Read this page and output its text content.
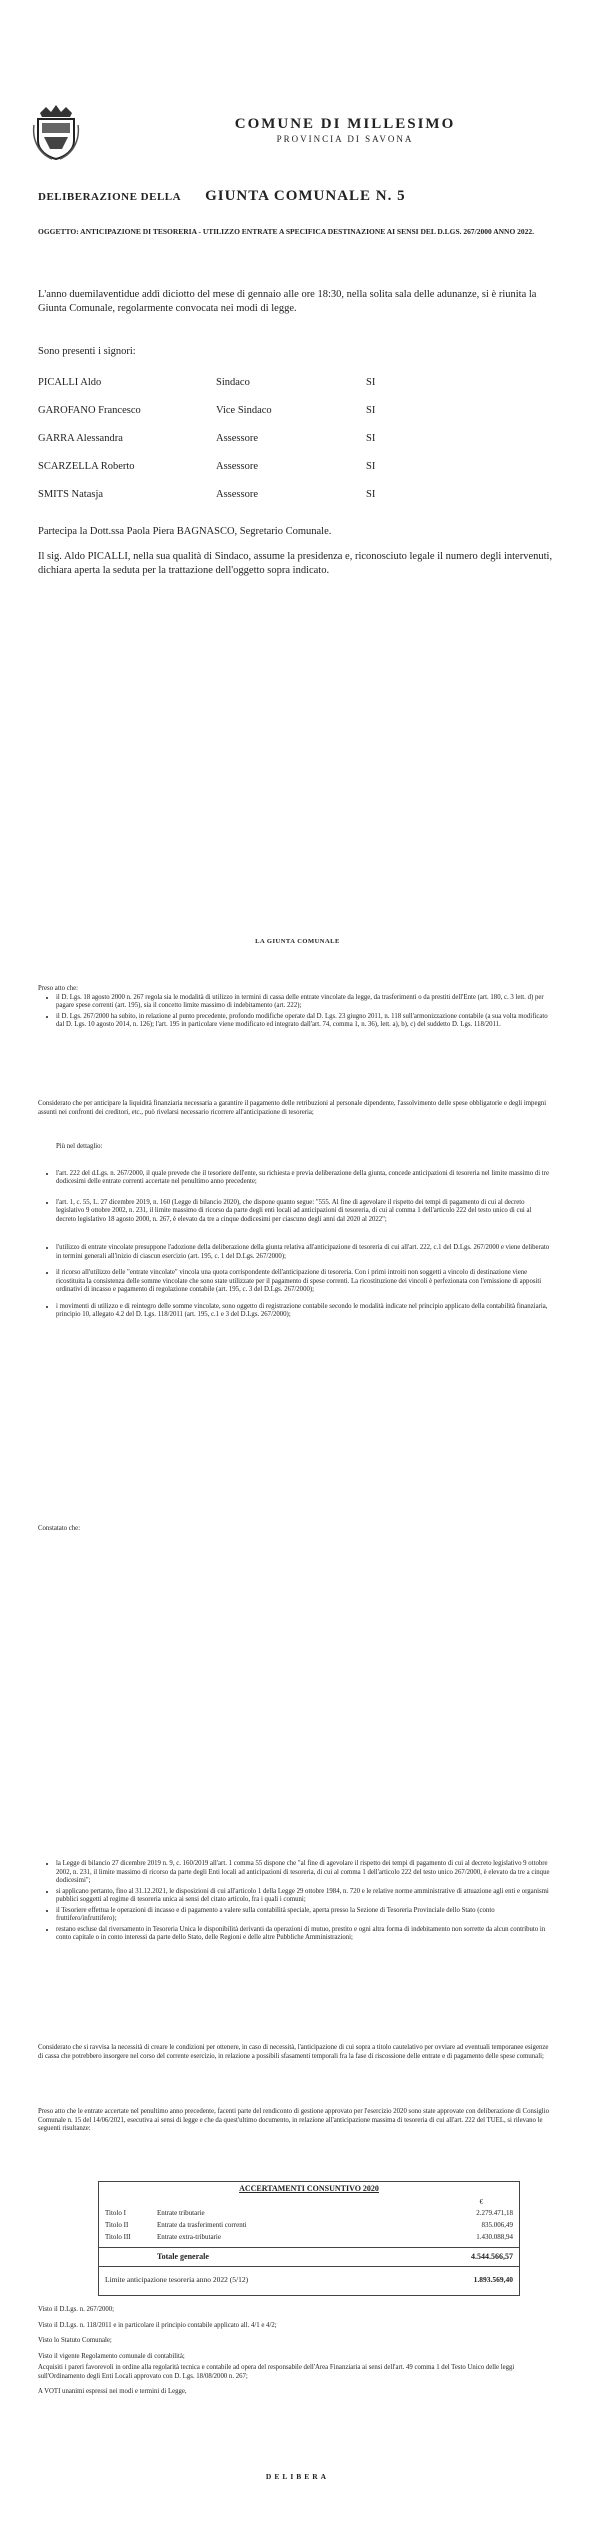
COMUNE DI MILLESIMO
PROVINCIA DI SAVONA
DELIBERAZIONE DELLA GIUNTA COMUNALE N. 5
OGGETTO: ANTICIPAZIONE DI TESORERIA - UTILIZZO ENTRATE A SPECIFICA DESTINAZIONE AI SENSI DEL D.LGS. 267/2000 ANNO 2022.
L'anno duemilaventidue addì diciotto del mese di gennaio alle ore 18:30, nella solita sala delle adunanze, si è riunita la Giunta Comunale, regolarmente convocata nei modi di legge.
Sono presenti i signori:
PICALLI Aldo	Sindaco	SI
GAROFANO Francesco	Vice Sindaco	SI
GARRA Alessandra	Assessore	SI
SCARZELLA Roberto	Assessore	SI
SMITS Natasja	Assessore	SI
Partecipa la Dott.ssa Paola Piera BAGNASCO, Segretario Comunale.
Il sig. Aldo PICALLI, nella sua qualità di Sindaco, assume la presidenza e, riconosciuto legale il numero degli intervenuti, dichiara aperta la seduta per la trattazione dell'oggetto sopra indicato.
LA GIUNTA COMUNALE
Preso atto che:
• il D. Lgs. 18 agosto 2000 n. 267 regola sia le modalità di utilizzo in termini di cassa delle entrate vincolate da legge, da trasferimenti o da prestiti dell'Ente (art. 180, c. 3 lett. d) per pagare spese correnti (art. 195), sia il concetto limite massimo di indebitamento (art. 222);
• il D. Lgs. 267/2000 ha subito, in relazione al punto precedente, profondo modifiche operate dal D. Lgs. 23 giugno 2011, n. 118 sull'armonizzazione contabile (a sua volta modificato dal D. Lgs. 10 agosto 2014, n. 126); l'art. 195 in particolare viene modificato ed integrato dall'art. 74, comma 1, n. 36), lett. a), b), c) del suddetto D. Lgs. 118/2011.
Considerato che per anticipare la liquidità finanziaria necessaria a garantire il pagamento delle retribuzioni al personale dipendente, l'assolvimento delle spese obbligatorie e degli impegni assunti nei confronti dei creditori, etc., può rivelarsi necessario ricorrere all'anticipazione di tesoreria;
Più nel dettaglio:
• l'art. 222 del d.Lgs. n. 267/2000, il quale prevede che il tesoriere dell'ente, su richiesta e previa deliberazione della giunta, concede anticipazioni di tesoreria nel limite massimo di tre dodicesimi delle entrate correnti accertate nel penultimo anno precedente;
• l'art. 1, c. 55, L. 27 dicembre 2019, n. 160 (Legge di bilancio 2020), che dispone quanto segue: "555. Al fine di agevolare il rispetto dei tempi di pagamento di cui al decreto legislativo 9 ottobre 2002, n. 231, il limite massimo di ricorso da parte degli enti locali ad anticipazioni di tesoreria, di cui al comma 1 dell'articolo 222 del testo unico di cui al decreto legislativo 18 agosto 2000, n. 267, è elevato da tre a cinque dodicesimi per ciascuno degli anni dal 2020 al 2022";
• l'utilizzo di entrate vincolate presuppone l'adozione della deliberazione della giunta relativa all'anticipazione di tesoreria di cui all'art. 222, c.1 del D.Lgs. 267/2000 e viene deliberato in termini generali all'inizio di ciascun esercizio (art. 195, c. 1 del D.Lgs. 267/2000);
• il ricorso all'utilizzo delle "entrate vincolate" vincola una quota corrispondente dell'anticipazione di tesoreria. Con i primi introiti non soggetti a vincolo di destinazione viene ricostituita la consistenza delle somme vincolate che sono state utilizzate per il pagamento di spese correnti. La ricostituzione dei vincoli è perfezionata con l'emissione di appositi ordinativi di incasso e pagamento di regolazione contabile (art. 195, c. 3 del D.Lgs. 267/2000);
• i movimenti di utilizzo e di reintegro delle somme vincolate, sono oggetto di registrazione contabile secondo le modalità indicate nel principio applicato della contabilità finanziaria, principio 10, allegato 4.2 del D. Lgs. 118/2011 (art. 195, c.1 e 3 del D.Lgs. 267/2000);
Constatato che:
• la Legge di bilancio 27 dicembre 2019 n. 9, c. 160/2019 all'art. 1 comma 55 dispone che "al fine di agevolare il rispetto dei tempi di pagamento di cui al decreto legislativo 9 ottobre 2002, n. 231, il limite massimo di ricorso da parte degli Enti locali ad anticipazioni di tesoreria, di cui al comma 1 dell'articolo 222 del testo unico 267/2000, è elevato da tre a cinque dodicesimi";
• si applicano pertanto, fino al 31.12.2021, le disposizioni di cui all'articolo 1 della Legge 29 ottobre 1984, n. 720 e le relative norme amministrative di attuazione agli enti e organismi pubblici soggetti al regime di tesoreria unica ai sensi del citato articolo, fra i quali i comuni;
• il Tesoriere effettua le operazioni di incasso e di pagamento a valere sulla contabilità speciale, aperta presso la Sezione di Tesoreria Provinciale dello Stato (conto fruttifero/infruttifero);
• restano escluse dal riversamento in Tesoreria Unica le disponibilità derivanti da operazioni di mutuo, prestito e ogni altra forma di indebitamento non sorrette da alcun contributo in conto capitale o in conto interessi da parte dello Stato, delle Regioni e delle altre Pubbliche Amministrazioni;
Considerato che si ravvisa la necessità di creare le condizioni per ottenere, in caso di necessità, l'anticipazione di cui sopra a titolo cautelativo per ovviare ad eventuali temporanee esigenze di cassa che potrebbero insorgere nel corso del corrente esercizio, in relazione a possibili sfasamenti temporali fra la fase di riscossione delle entrate e di pagamento delle spese comunali;
Preso atto che le entrate accertate nel penultimo anno precedente, facenti parte del rendiconto di gestione approvato per l'esercizio 2020 sono state approvate con deliberazione di Consiglio Comunale n. 15 del 14/06/2021, esecutiva ai sensi di legge e che da quest'ultimo documento, in relazione all'anticipazione massima di tesoreria di cui all'art. 222 del TUEL, si rilevano le seguenti risultanze:
ACCERTAMENTI CONSUNTIVO 2020
€
Titolo I	Entrate tributarie	2.279.471,18
Titolo II	Entrate da trasferimenti correnti	835.006,49
Titolo III	Entrate extra-tributarie	1.430.088,94
Totale generale	4.544.566,57
Limite anticipazione tesoreria anno 2022 (5/12)	1.893.569,40
Visto il D.Lgs. n. 267/2000;
Visto il D.Lgs. n. 118/2011 e in particolare il principio contabile applicato all. 4/1 e 4/2;
Visto lo Statuto Comunale;
Visto il vigente Regolamento comunale di contabilità;
Acquisiti i pareri favorevoli in ordine alla regolarità tecnica e contabile ad opera del responsabile dell'Area Finanziaria ai sensi dell'art. 49 comma 1 del Testo Unico delle leggi sull'Ordinamento degli Enti Locali approvato con D. Lgs. 18/08/2000 n. 267;
A VOTI unanimi espressi nei modi e termini di Legge,
DELIBERA
